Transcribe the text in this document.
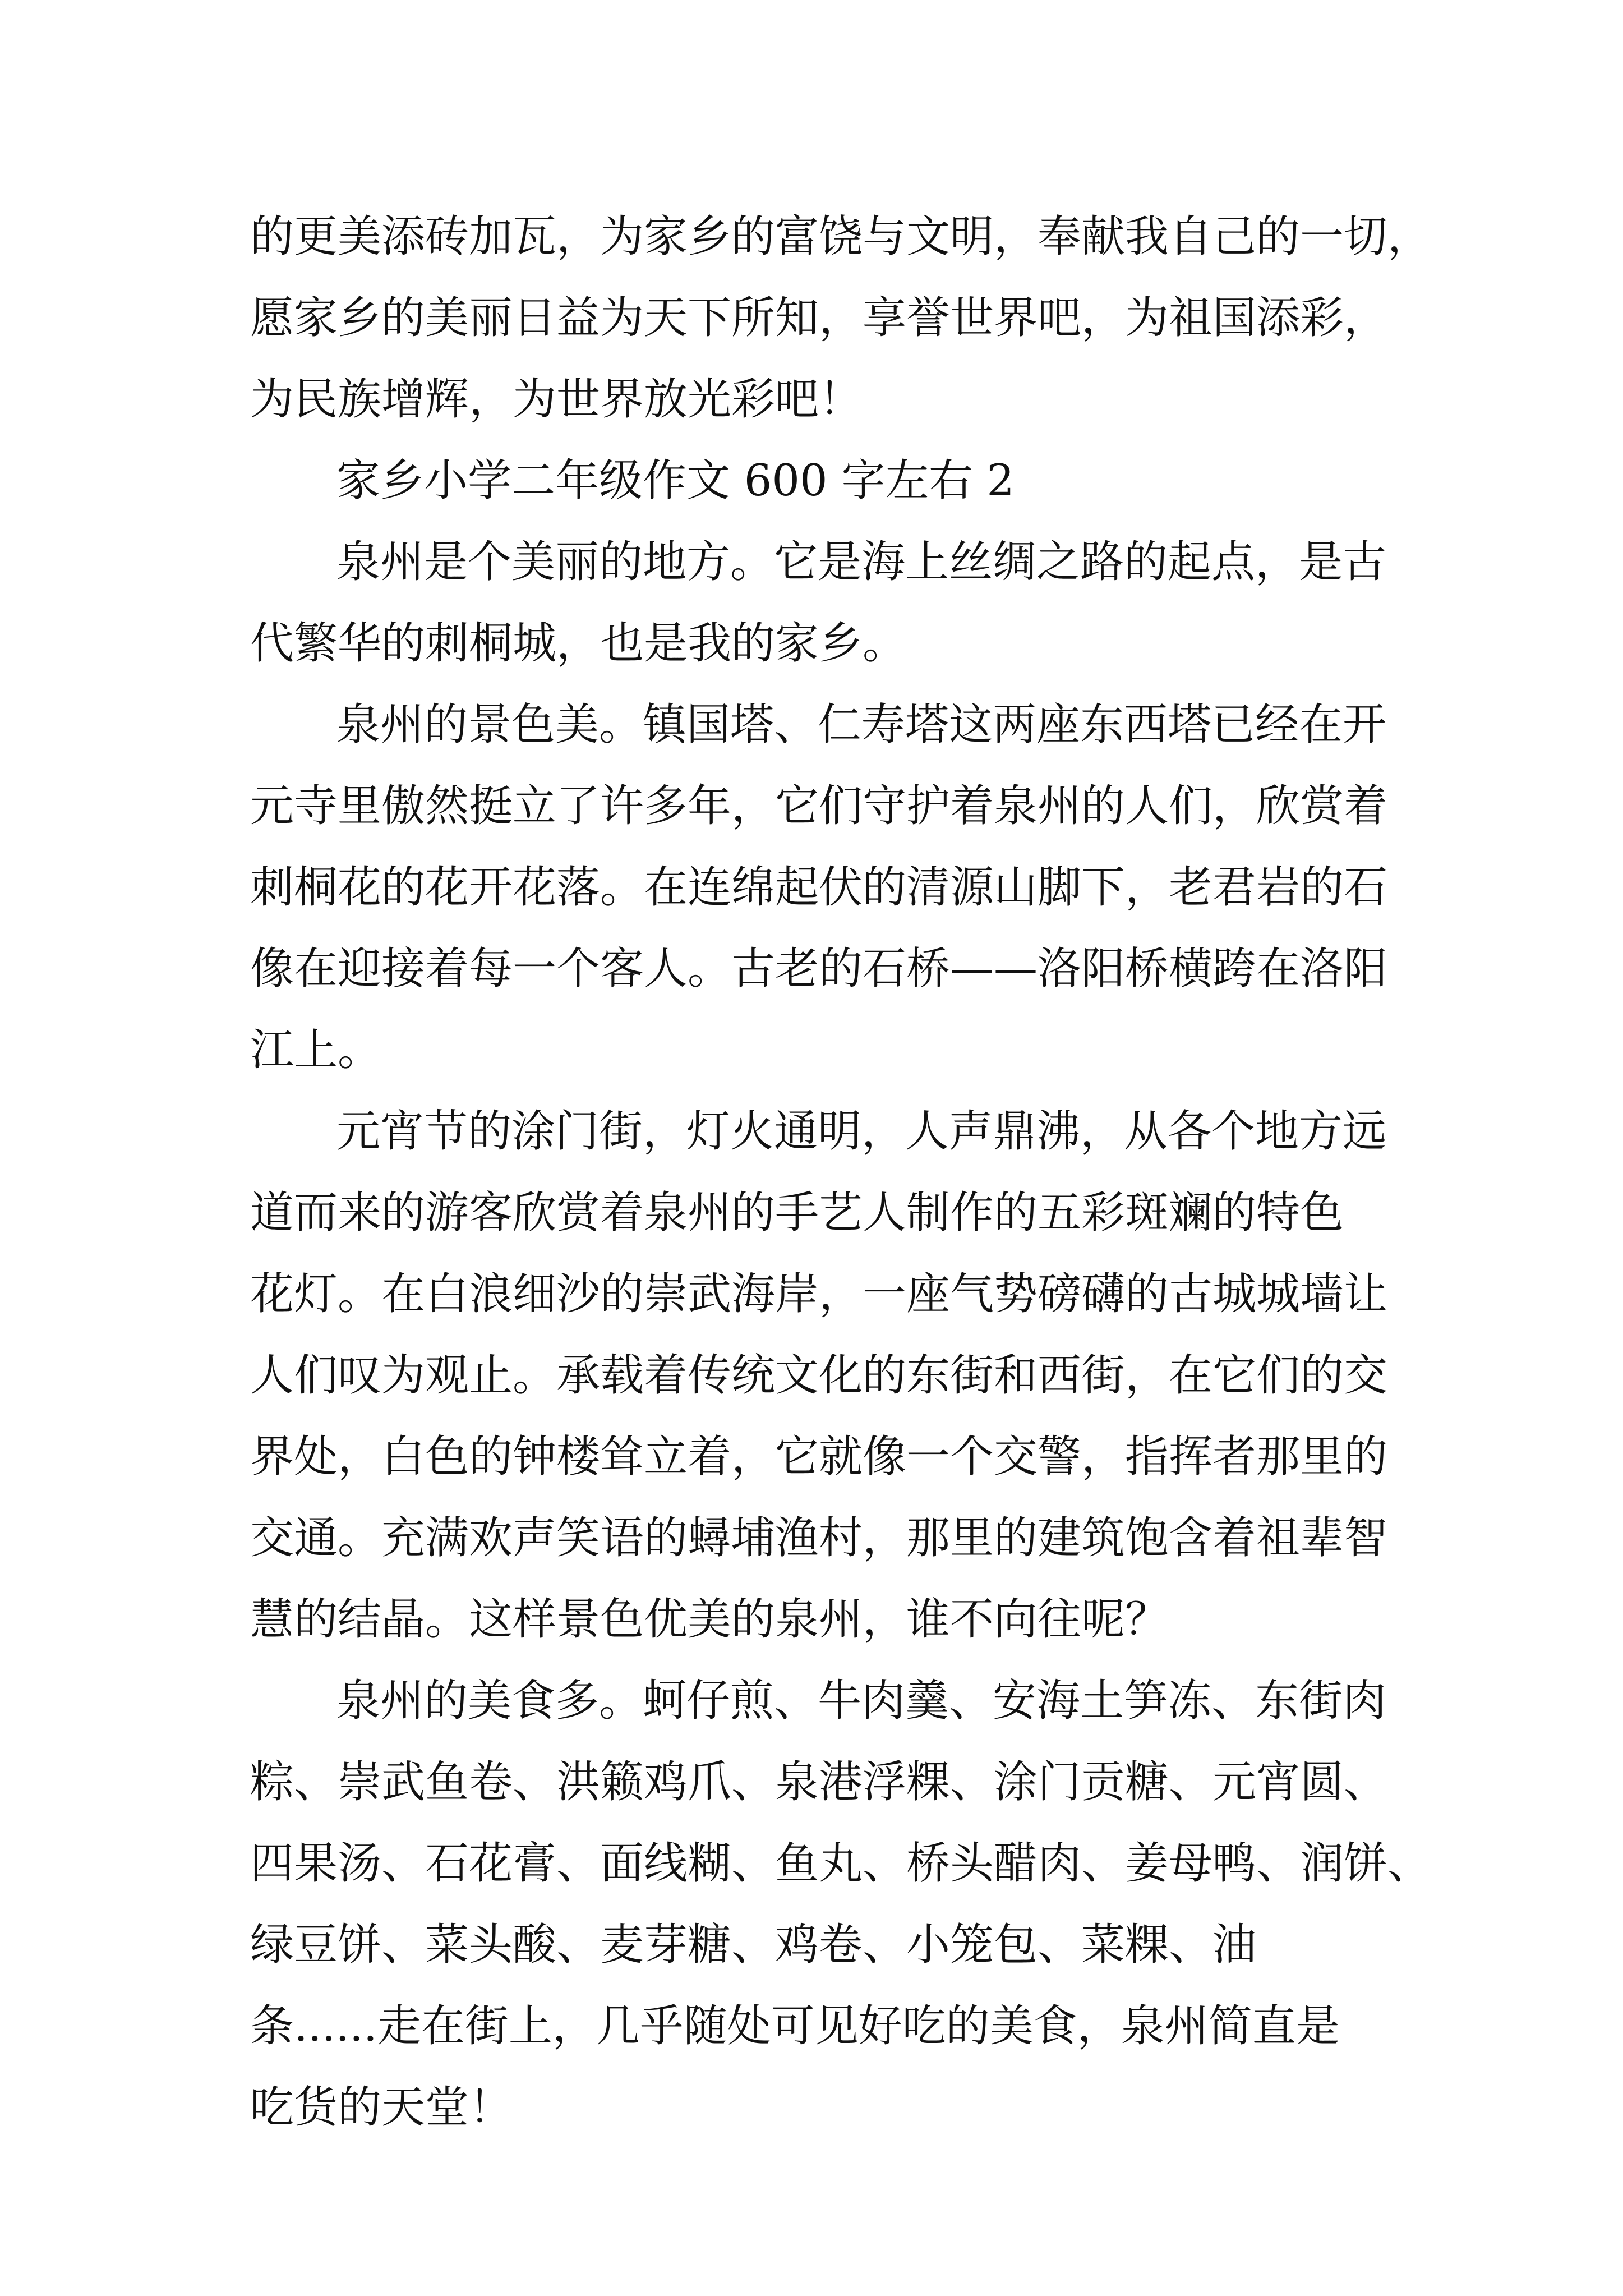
的更美添砖加瓦，为家乡的富饶与文明，奉献我自己的一切，

愿家乡的美丽日益为天下所知，享誉世界吧，为祖国添彩，

为民族增辉，为世界放光彩吧！

家乡小学二年级作文 600 字左右 2

泉州是个美丽的地方。它是海上丝绸之路的起点，是古

代繁华的刺桐城，也是我的家乡。

泉州的景色美。镇国塔、仁寿塔这两座东西塔已经在开

元寺里傲然挺立了许多年，它们守护着泉州的人们，欣赏着

刺桐花的花开花落。在连绵起伏的清源山脚下，老君岩的石

像在迎接着每一个客人。古老的石桥——洛阳桥横跨在洛阳

江上。

元宵节的涂门街，灯火通明，人声鼎沸，从各个地方远

道而来的游客欣赏着泉州的手艺人制作的五彩斑斓的特色

花灯。在白浪细沙的崇武海岸，一座气势磅礴的古城城墙让

人们叹为观止。承载着传统文化的东街和西街，在它们的交

界处，白色的钟楼耸立着，它就像一个交警，指挥者那里的

交通。充满欢声笑语的蟳埔渔村，那里的建筑饱含着祖辈智

慧的结晶。这样景色优美的泉州，谁不向往呢？

泉州的美食多。蚵仔煎、牛肉羹、安海土笋冻、东街肉

粽、崇武鱼卷、洪籁鸡爪、泉港浮粿、涂门贡糖、元宵圆、

四果汤、石花膏、面线糊、鱼丸、桥头醋肉、姜母鸭、润饼、

绿豆饼、菜头酸、麦芽糖、鸡卷、小笼包、菜粿、油

条......走在街上，几乎随处可见好吃的美食，泉州简直是

吃货的天堂！
